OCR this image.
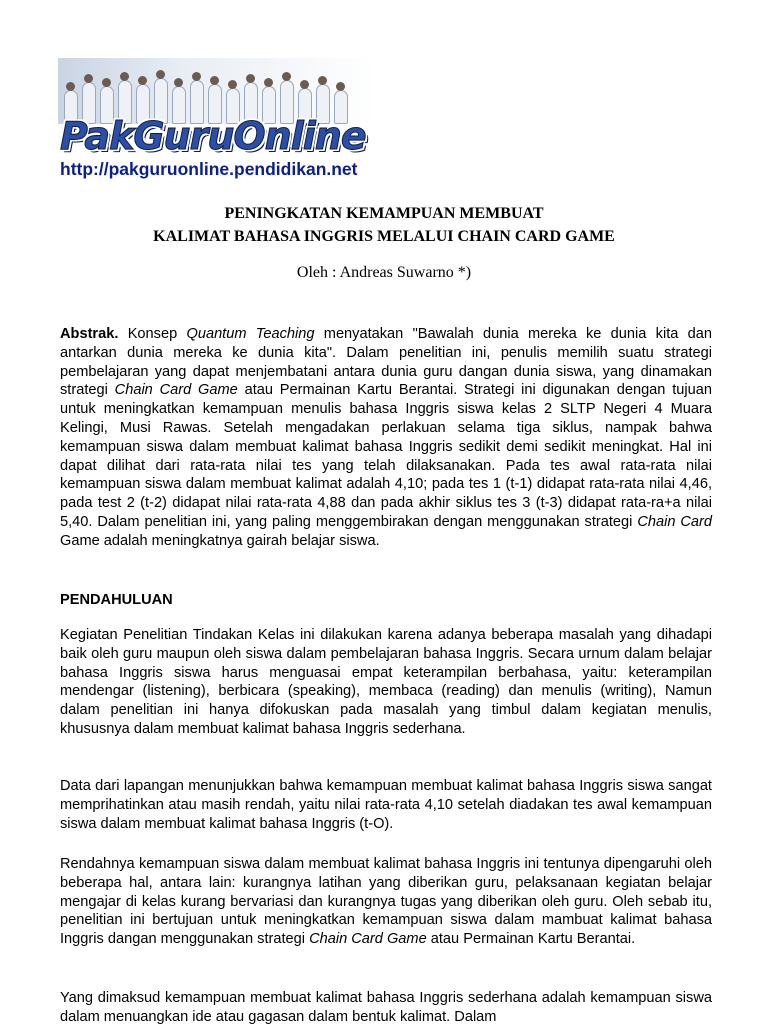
PakGuruOnline
http://pakguruonline.pendidikan.net
PENINGKATAN KEMAMPUAN MEMBUAT
KALIMAT BAHASA INGGRIS MELALUI CHAIN CARD GAME
Oleh : Andreas Suwarno *)
Abstrak. Konsep Quantum Teaching menyatakan "Bawalah dunia mereka ke dunia kita dan antarkan dunia mereka ke dunia kita". Dalam penelitian ini, penulis memilih suatu strategi pembelajaran yang dapat menjembatani antara dunia guru dangan dunia siswa, yang dinamakan strategi Chain Card Game atau Permainan Kartu Berantai. Strategi ini digunakan dengan tujuan untuk meningkatkan kemampuan menulis bahasa Inggris siswa kelas 2 SLTP Negeri 4 Muara Kelingi, Musi Rawas. Setelah mengadakan perlakuan selama tiga siklus, nampak bahwa kemampuan siswa dalam membuat kalimat bahasa Inggris sedikit demi sedikit meningkat. Hal ini dapat dilihat dari rata-rata nilai tes yang telah dilaksanakan. Pada tes awal rata-rata nilai kemampuan siswa dalam membuat kalimat adalah 4,10; pada tes 1 (t-1) didapat rata-rata nilai 4,46, pada test 2 (t-2) didapat nilai rata-rata 4,88 dan pada akhir siklus tes 3 (t-3) didapat rata-ra+a nilai 5,40. Dalam penelitian ini, yang paling menggembirakan dengan menggunakan strategi Chain Card Game adalah meningkatnya gairah belajar siswa.
PENDAHULUAN
Kegiatan Penelitian Tindakan Kelas ini dilakukan karena adanya beberapa masalah yang dihadapi baik oleh guru maupun oleh siswa dalam pembelajaran bahasa Inggris. Secara urnum dalam belajar bahasa Inggris siswa harus menguasai empat keterampilan berbahasa, yaitu: keterampilan mendengar (listening), berbicara (speaking), membaca (reading) dan menulis (writing), Namun dalam penelitian ini hanya difokuskan pada masalah yang timbul dalam kegiatan menulis, khususnya dalam membuat kalimat bahasa Inggris sederhana.
Data dari lapangan menunjukkan bahwa kemampuan membuat kalimat bahasa Inggris siswa sangat memprihatinkan atau masih rendah, yaitu nilai rata-rata 4,10 setelah diadakan tes awal kemampuan siswa dalam membuat kalimat bahasa Inggris (t-O).
Rendahnya kemampuan siswa dalam membuat kalimat bahasa Inggris ini tentunya dipengaruhi oleh beberapa hal, antara lain: kurangnya latihan yang diberikan guru, pelaksanaan kegiatan belajar mengajar di kelas kurang bervariasi dan kurangnya tugas yang diberikan oleh guru. Oleh sebab itu, penelitian ini bertujuan untuk meningkatkan kemampuan siswa dalam mambuat kalimat bahasa Inggris dangan menggunakan strategi Chain Card Game atau Permainan Kartu Berantai.
Yang dimaksud kemampuan membuat kalimat bahasa Inggris sederhana adalah kemampuan siswa dalam menuangkan ide atau gagasan dalam bentuk kalimat. Dalam
